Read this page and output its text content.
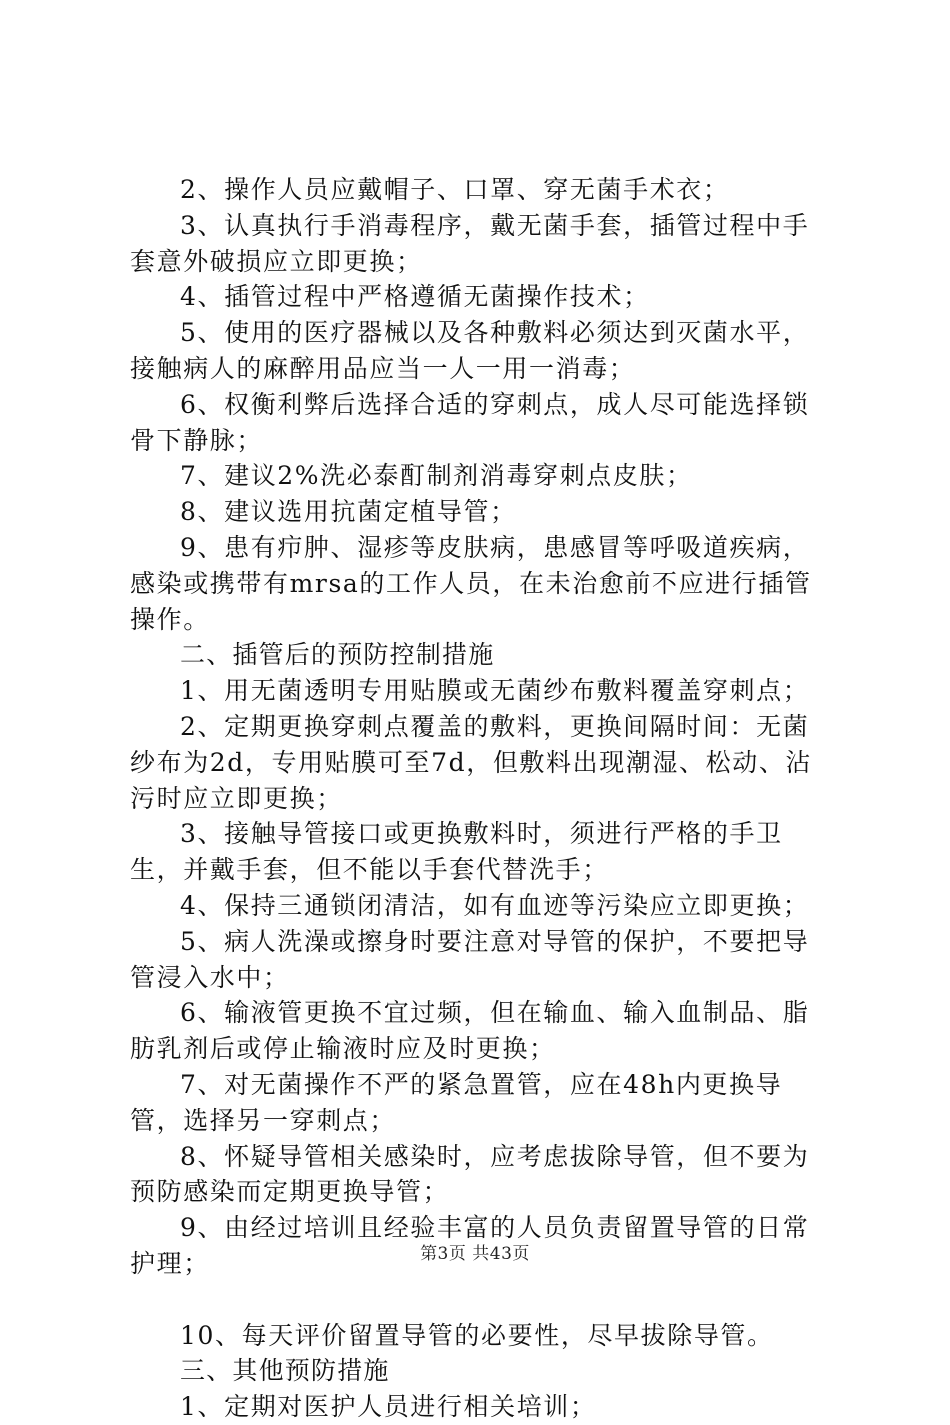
2、操作人员应戴帽子、口罩、穿无菌手术衣；

3、认真执行手消毒程序，戴无菌手套，插管过程中手套意外破损应立即更换；

4、插管过程中严格遵循无菌操作技术；

5、使用的医疗器械以及各种敷料必须达到灭菌水平，接触病人的麻醉用品应当一人一用一消毒；

6、权衡利弊后选择合适的穿刺点，成人尽可能选择锁骨下静脉；

7、建议2%洗必泰酊制剂消毒穿刺点皮肤；

8、建议选用抗菌定植导管；

9、患有疖肿、湿疹等皮肤病，患感冒等呼吸道疾病，感染或携带有mrsa的工作人员，在未治愈前不应进行插管操作。

二、插管后的预防控制措施

1、用无菌透明专用贴膜或无菌纱布敷料覆盖穿刺点；

2、定期更换穿刺点覆盖的敷料，更换间隔时间：无菌纱布为2d，专用贴膜可至7d，但敷料出现潮湿、松动、沾污时应立即更换；

3、接触导管接口或更换敷料时，须进行严格的手卫生，并戴手套，但不能以手套代替洗手；

4、保持三通锁闭清洁，如有血迹等污染应立即更换；

5、病人洗澡或擦身时要注意对导管的保护，不要把导管浸入水中；

6、输液管更换不宜过频，但在输血、输入血制品、脂肪乳剂后或停止输液时应及时更换；

7、对无菌操作不严的紧急置管，应在48h内更换导管，选择另一穿刺点；

8、怀疑导管相关感染时，应考虑拔除导管，但不要为预防感染而定期更换导管；

9、由经过培训且经验丰富的人员负责留置导管的日常护理；

10、每天评价留置导管的必要性，尽早拔除导管。

三、其他预防措施

1、定期对医护人员进行相关培训；

第3页 共43页
